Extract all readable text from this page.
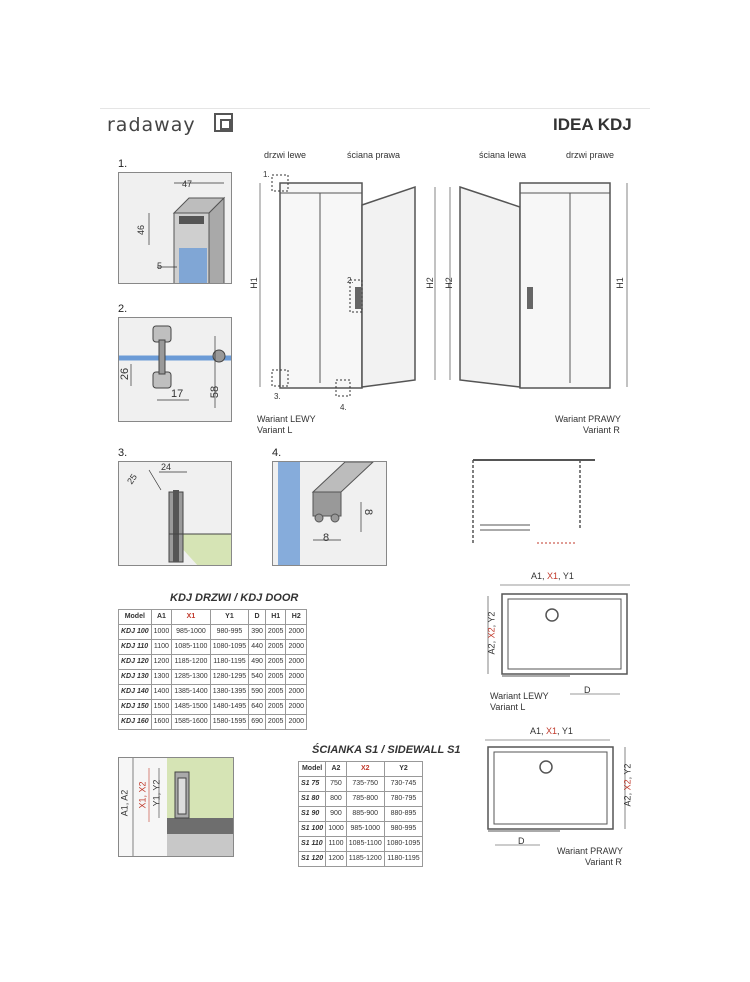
radaway	IDEA KDJ
1.
47
46
5
2.
26
17 58
3.
25
24
4.
8
8
drzwi lewe	ściana prawa
H1	H2
1.
2.
3.
4.
Wariant LEWY
Variant L
ściana lewa	drzwi prawe
H2	H1
Wariant PRAWY
Variant R
KDJ DRZWI / KDJ DOOR
Model	A1	X1	Y1	D	H1	H2
KDJ 100	1000	985-1000	980-995	390	2005	2000
KDJ 110	1100	1085-1100	1080-1095	440	2005	2000
KDJ 120	1200	1185-1200	1180-1195	490	2005	2000
KDJ 130	1300	1285-1300	1280-1295	540	2005	2000
KDJ 140	1400	1385-1400	1380-1395	590	2005	2000
KDJ 150	1500	1485-1500	1480-1495	640	2005	2000
KDJ 160	1600	1585-1600	1580-1595	690	2005	2000
A1, X1, Y1
A2, X2, Y2
D
Wariant LEWY
Variant L
ŚCIANKA S1 / SIDEWALL S1
Model	A2	X2	Y2
S1 75	750	735-750	730-745
S1 80	800	785-800	780-795
S1 90	900	885-900	880-895
S1 100	1000	985-1000	980-995
S1 110	1100	1085-1100	1080-1095
S1 120	1200	1185-1200	1180-1195
A1, X1, Y1
A2, X2, Y2
D
Wariant PRAWY
Variant R
A1, A2 X1, X2 Y1, Y2
